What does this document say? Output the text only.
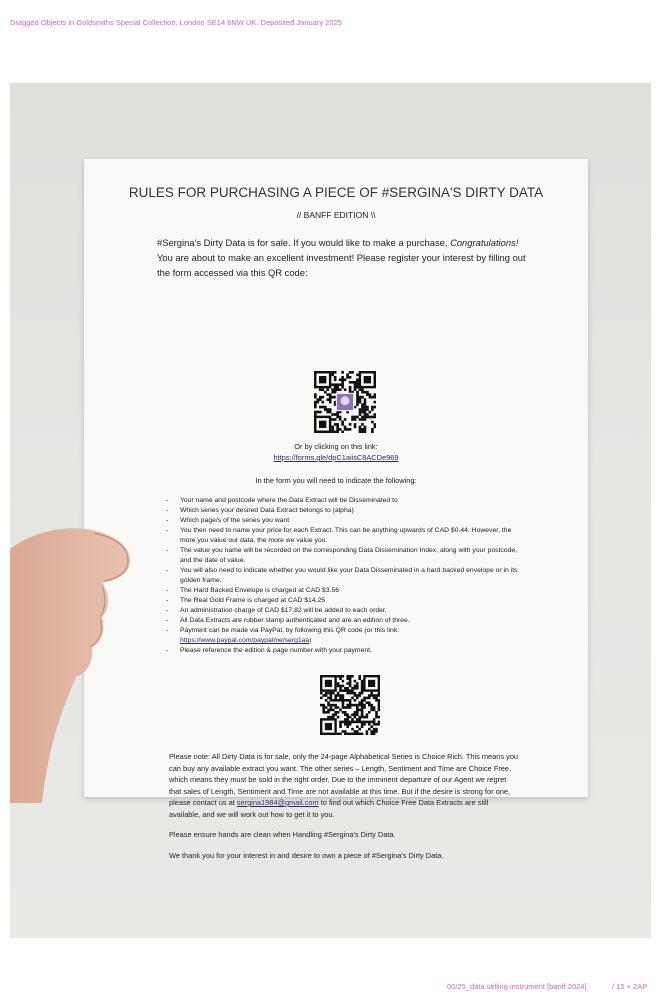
Dragged Objects in Goldsmiths Special Collection, London SE14 6NW UK. Deposited January 2025
RULES FOR PURCHASING A PIECE OF #SERGINA'S DIRTY DATA
// BANFF EDITION \\
#Sergina's Dirty Data is for sale. If you would like to make a purchase, Congratulations! You are about to make an excellent investment! Please register your interest by filling out the form accessed via this QR code:
Or by clicking on this link:
https://forms.gle/dpC1aiisC8ACDe969
In the form you will need to indicate the following:
- Your name and postcode where the Data Extract will be Disseminated to
- Which series your desired Data Extract belongs to (alpha)
- Which page/s of the series you want
- You then need to name your price for each Extract. This can be anything upwards of CAD $0.44. However, the more you value our data, the more we value you.
- The value you name will be recorded on the corresponding Data Dissemination Index, along with your postcode, and the date of value.
- You will also need to indicate whether you would like your Data Disseminated in a hard backed envelope or in its golden frame.
- The Hard Backed Envelope is charged at CAD $3.56
- The Real Gold Frame is charged at CAD $14.25
- An administration charge of CAD $17.82 will be added to each order.
- All Data Extracts are rubber stamp authenticated and are an edition of three.
- Payment can be made via PayPal, by following this QR code (or this link:
https://www.paypal.com/paypalme/serg1aa)
- Please reference the edition & page number with your payment.

Please note: All Dirty Data is for sale, only the 24-page Alphabetical Series is Choice Rich. This means you can buy any available extract you want. The other series – Length, Sentiment and Time are Choice Free, which means they must be sold in the right order. Due to the imminent departure of our Agent we regret that sales of Length, Sentiment and Time are not available at this time. But if the desire is strong for one, please contact us at sergina1984@gmail.com to find out which Choice Free Data Extracts are still available, and we will work out how to get it to you.

Please ensure hands are clean when Handling #Sergina's Dirty Data.

We thank you for your interest in and desire to own a piece of #Sergina's Dirty Data.

00/25_data selling instrument [banff 2024]	/ 15 + 2AP
